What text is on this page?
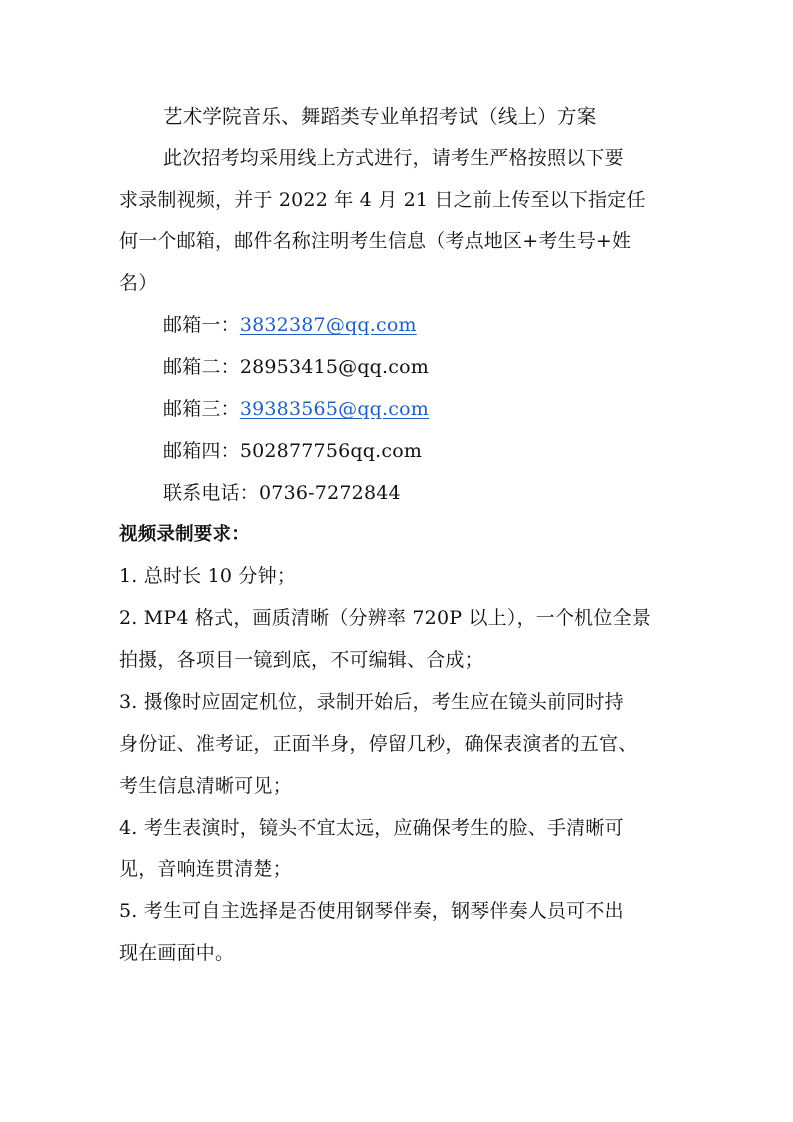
艺术学院音乐、舞蹈类专业单招考试（线上）方案
此次招考均采用线上方式进行，请考生严格按照以下要
求录制视频，并于 2022 年 4 月 21 日之前上传至以下指定任
何一个邮箱，邮件名称注明考生信息（考点地区+考生号+姓
名）
邮箱一：3832387@qq.com
邮箱二：28953415@qq.com
邮箱三：39383565@qq.com
邮箱四：502877756qq.com
联系电话：0736-7272844
视频录制要求：
1. 总时长 10 分钟；
2. MP4 格式，画质清晰（分辨率 720P 以上），一个机位全景
拍摄，各项目一镜到底，不可编辑、合成；
3. 摄像时应固定机位，录制开始后，考生应在镜头前同时持
身份证、准考证，正面半身，停留几秒，确保表演者的五官、
考生信息清晰可见；
4. 考生表演时，镜头不宜太远，应确保考生的脸、手清晰可
见，音响连贯清楚；
5. 考生可自主选择是否使用钢琴伴奏，钢琴伴奏人员可不出
现在画面中。
